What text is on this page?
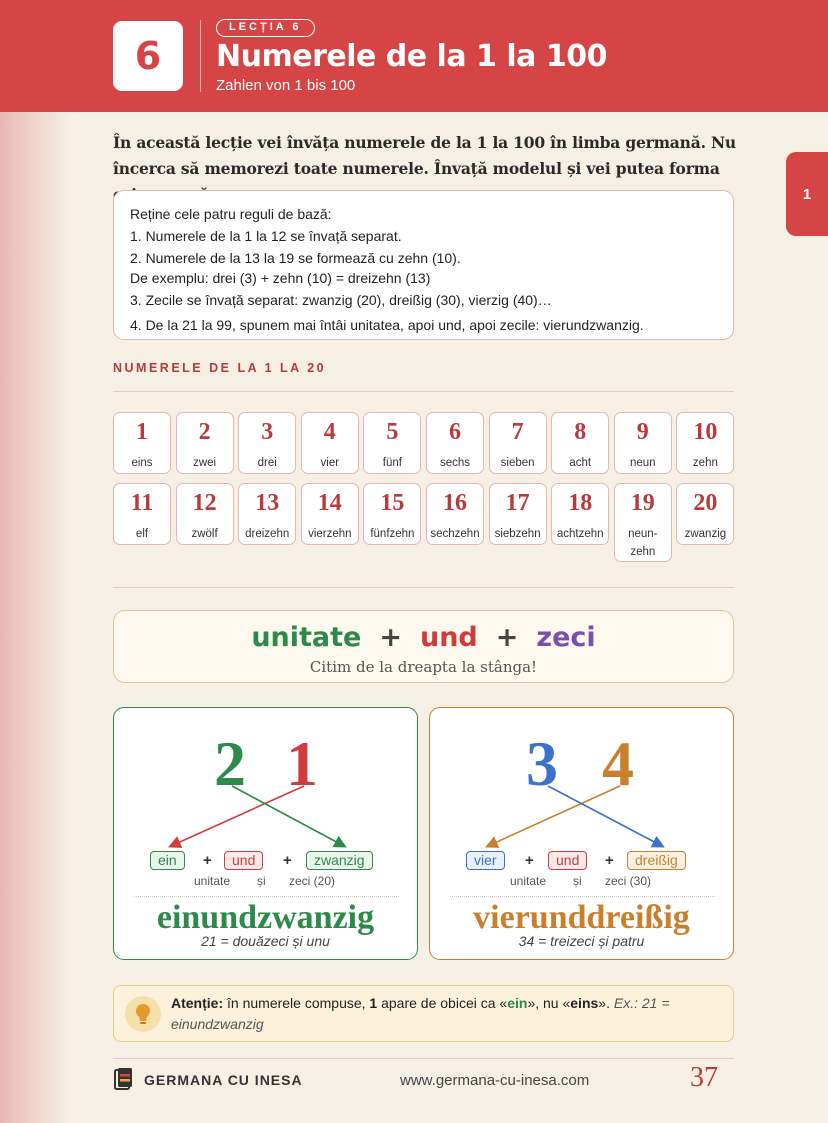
6
LECȚIA 6
Numerele de la 1 la 100
Zahlen von 1 bis 100
1
În această lecție vei învăța numerele de la 1 la 100 în limba germană. Nu încerca să memorezi toate numerele. Învață modelul și vei putea forma
Reține cele patru reguli de bază:
1. Numerele de la 1 la 12 se învață separat.
2. Numerele de la 13 la 19 se formează cu zehn (10).
De exemplu: drei (3) + zehn (10) = dreizehn (13)
3. Zecile se învață separat: zwanzig (20), dreißig (30), vierzig (40)…
4. De la 21 la 99, spunem mai întâi unitatea, apoi und, apoi zecile: vierundzwanzig.
NUMERELE DE LA 1 LA 20
1
eins
2
zwei
3
drei
4
vier
5
fünf
6
sechs
7
sieben
8
acht
9
neun
10
zehn
11
elf
12
zwölf
13
dreizehn
14
vierzehn
15
fünfzehn
16
sechzehn
17
siebzehn
18
achtzehn
19
neun-
zehn
20
zwanzig
unitate + und + zeci
Citim de la dreapta la stânga!
2 1
ein	+	und	+	zwanzig
unitate și zeci (20)
einundzwanzig
21 = douăzeci și unu
3 4
vier	+	und	+	dreißig
unitate și zeci (30)
vierunddreißig
34 = treizeci și patru
Atenție: în numerele compuse, 1 apare de obicei ca «ein», nu «eins». Ex.: 21 = einundzwanzig
GERMANA CU INESA	www.germana-cu-inesa.com	37
